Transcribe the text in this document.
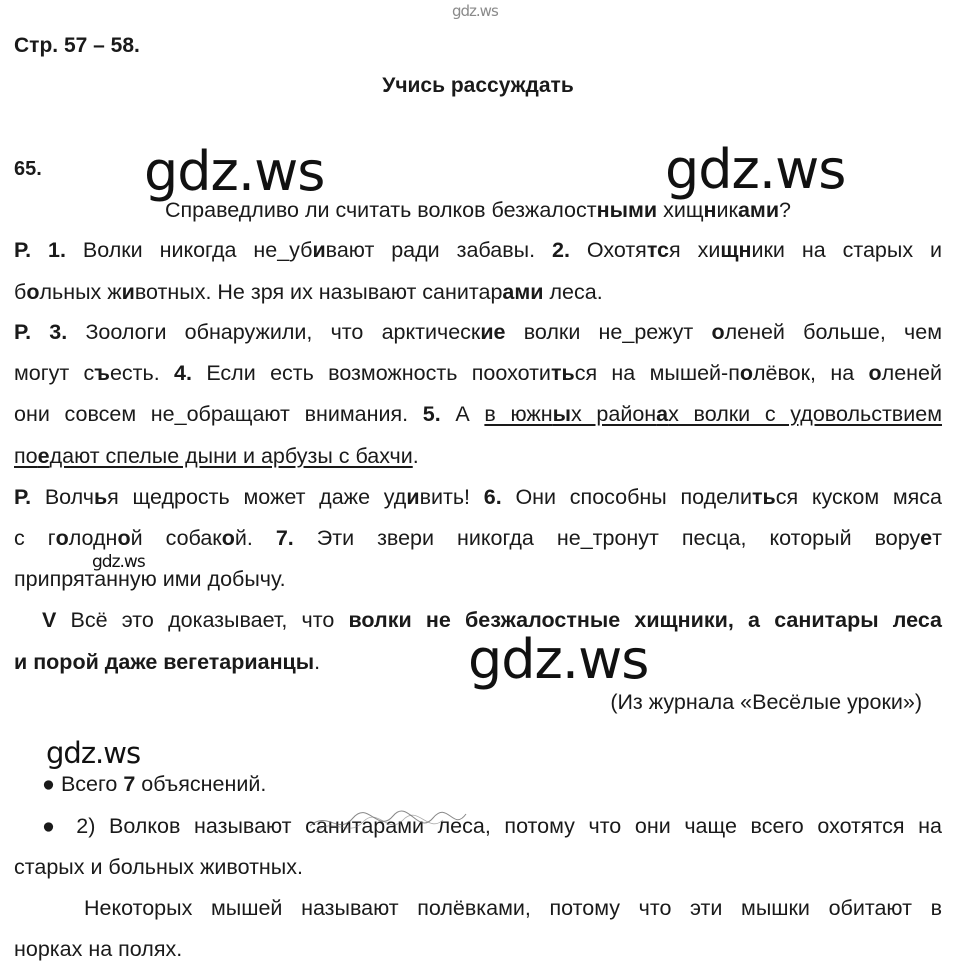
gdz.ws
gdz.ws	gdz.ws
gdz.ws
gdz.ws
gdz.ws
Стр. 57 – 58.
Учись рассуждать
65.
Справедливо ли считать волков безжалостными хищниками?
Р. 1. Волки никогда не_убивают ради забавы. 2. Охотятся хищники на старых и
больных животных. Не зря их называют санитарами леса.
Р. 3. Зоологи обнаружили, что арктические волки не_режут оленей больше, чем
могут съесть. 4. Если есть возможность поохотиться на мышей-полёвок, на оленей
они совсем не_обращают внимания. 5. А в южных районах волки с удовольствием
поедают спелые дыни и арбузы с бахчи.
Р. Волчья щедрость может даже удивить! 6. Они способны поделиться куском мяса
с голодной собакой. 7. Эти звери никогда не_тронут песца, который ворует
припрятанную ими добычу.
V Всё это доказывает, что волки не безжалостные хищники, а санитары леса
и порой даже вегетарианцы.
(Из журнала «Весёлые уроки»)
● Всего 7 объяснений.
● 2) Волков называют санитарами леса, потому что они чаще всего охотятся на
старых и больных животных.
Некоторых мышей называют полёвками, потому что эти мышки обитают в
норках на полях.
